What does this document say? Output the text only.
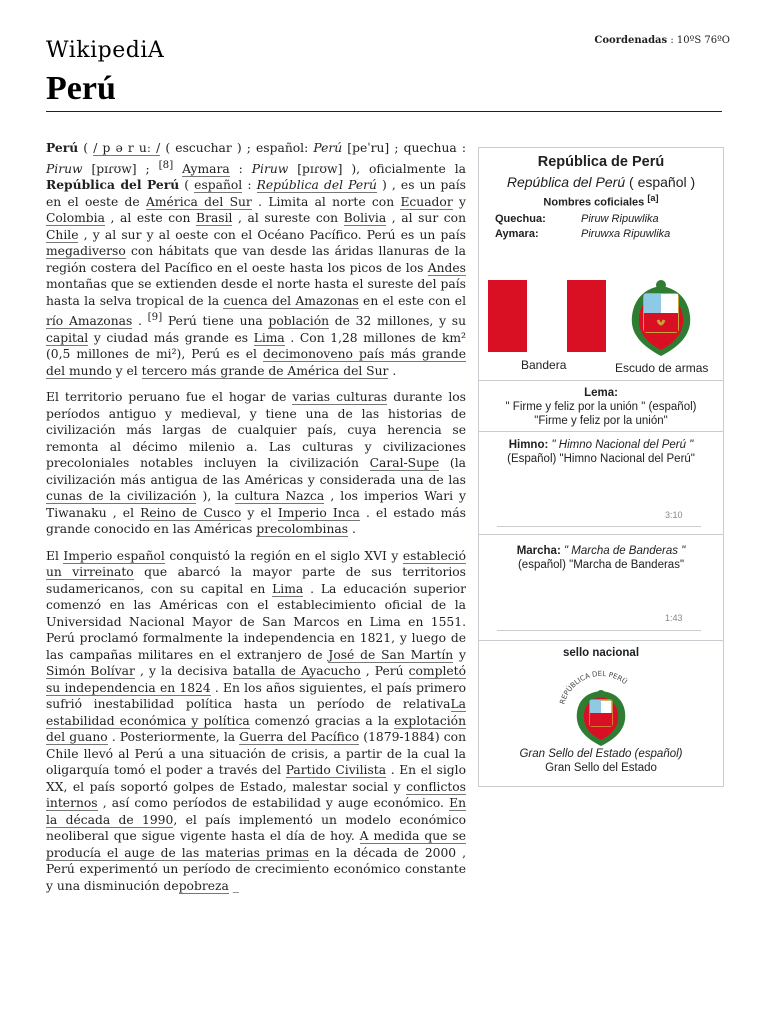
WikipediA	Coordenadas : 10ºS 76ºO
Perú

Perú ( / p ə r uː / ( escuchar ) ; español: Perú [peˈru] ; quechua : Piruw [pɪɾʊw] ; [8] Aymara : Piruw [pɪɾʊw] ), oficialmente la República del Perú ( español : República del Perú ) , es un país en el oeste de América del Sur . Limita al norte con Ecuador y Colombia , al este con Brasil , al sureste con Bolivia , al sur con Chile , y al sur y al oeste con el Océano Pacífico. Perú es un país megadiverso con hábitats que van desde las áridas llanuras de la región costera del Pacífico en el oeste hasta los picos de los Andes montañas que se extienden desde el norte hasta el sureste del país hasta la selva tropical de la cuenca del Amazonas en el este con el río Amazonas . [9] Perú tiene una población de 32 millones, y su capital y ciudad más grande es Lima . Con 1,28 millones de km² (0,5 millones de mi²), Perú es el decimonoveno país más grande del mundo y el tercero más grande de América del Sur .

El territorio peruano fue el hogar de varias culturas durante los períodos antiguo y medieval, y tiene una de las historias de civilización más largas de cualquier país, cuya herencia se remonta al décimo milenio a. Las culturas y civilizaciones precoloniales notables incluyen la civilización Caral-Supe (la civilización más antigua de las Américas y considerada una de las cunas de la civilización ), la cultura Nazca , los imperios Wari y Tiwanaku , el Reino de Cusco y el Imperio Inca . el estado más grande conocido en las Américas precolombinas .

El Imperio español conquistó la región en el siglo XVI y estableció un virreinato que abarcó la mayor parte de sus territorios sudamericanos, con su capital en Lima . La educación superior comenzó en las Américas con el establecimiento oficial de la Universidad Nacional Mayor de San Marcos en Lima en 1551. Perú proclamó formalmente la independencia en 1821, y luego de las campañas militares en el extranjero de José de San Martín y Simón Bolívar , y la decisiva batalla de Ayacucho , Perú completó su independencia en 1824 . En los años siguientes, el país primero sufrió inestabilidad política hasta un período de relativaLa estabilidad económica y política comenzó gracias a la explotación del guano . Posteriormente, la Guerra del Pacífico (1879-1884) con Chile llevó al Perú a una situación de crisis, a partir de la cual la oligarquía tomó el poder a través del Partido Civilista . En el siglo XX, el país soportó golpes de Estado, malestar social y conflictos internos , así como períodos de estabilidad y auge económico. En la década de 1990, el país implementó un modelo económico neoliberal que sigue vigente hasta el día de hoy. A medida que se producía el auge de las materias primas en la década de 2000 , Perú experimentó un período de crecimiento económico constante y una disminución depobreza _

República de Perú
República del Perú ( español )
Nombres coficiales [a]
Quechua:	Piruw Ripuwlika
Aymara:	Piruwxa Ripuwlika
Bandera	Escudo de armas
Lema:
" Firme y feliz por la unión " (español)
"Firme y feliz por la unión"
Himno: " Himno Nacional del Perú "
(Español) "Himno Nacional del Perú"
3:10
Marcha: " Marcha de Banderas "
(español) "Marcha de Banderas"
1:43
sello nacional
REPÚBLICA DEL PERÚ
Gran Sello del Estado (español)
Gran Sello del Estado
